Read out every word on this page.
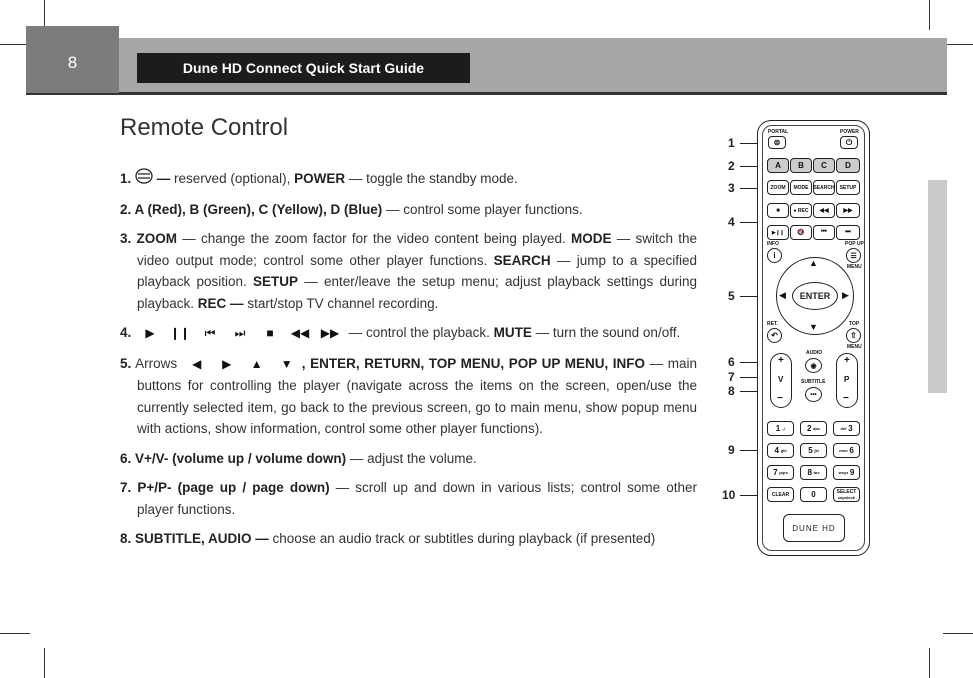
8	Dune HD Connect Quick Start Guide
Remote Control
1. — reserved (optional), POWER — toggle the standby mode.
2. A (Red), B (Green), C (Yellow), D (Blue) — control some player functions.
3. ZOOM — change the zoom factor for the video content being played. MODE — switch the video output mode; control some other player functions. SEARCH — jump to a specified playback position. SETUP — enter/leave the setup menu; adjust playback settings during playback. REC — start/stop TV channel recording.
4. ▶ ❙❙ ⏮ ⏭ ■ ◀◀ ▶▶ — control the playback. MUTE — turn the sound on/off.
5. Arrows ◀ ▶ ▲ ▼ , ENTER, RETURN, TOP MENU, POP UP MENU, INFO — main buttons for controlling the player (navigate across the items on the screen, open/use the currently selected item, go back to the previous screen, go to main menu, show popup menu with actions, show information, control some other player functions).
6. V+/V- (volume up / volume down) — adjust the volume.
7. P+/P- (page up / page down) — scroll up and down in various lists; control some other player functions.
8. SUBTITLE, AUDIO — choose an audio track or subtitles during playback (if presented)
1
2
3
4
5
6
7
8
9
10
PORTAL
⊜
POWER
⏻
A	B	C	D
ZOOM	MODE SEARCH	SETUP
■	● REC	◀◀	▶▶
▶❙❙	🔇	⏮	⏭
INFO
i
POP UP
☰
MENU
ENTER
▲
▼
◀	▶
RET.
↶
TOP
⇧
MENU
+
V
−
AUDIO
◉
SUBTITLE
•••
+
P
−
1
.,/	2
abc	def
3
4
ghi	5
jkl	mno
6
7
pqrs 8
tuv	wxyz
9
CLEAR	0	SELECT
capslock
DUNE HD
